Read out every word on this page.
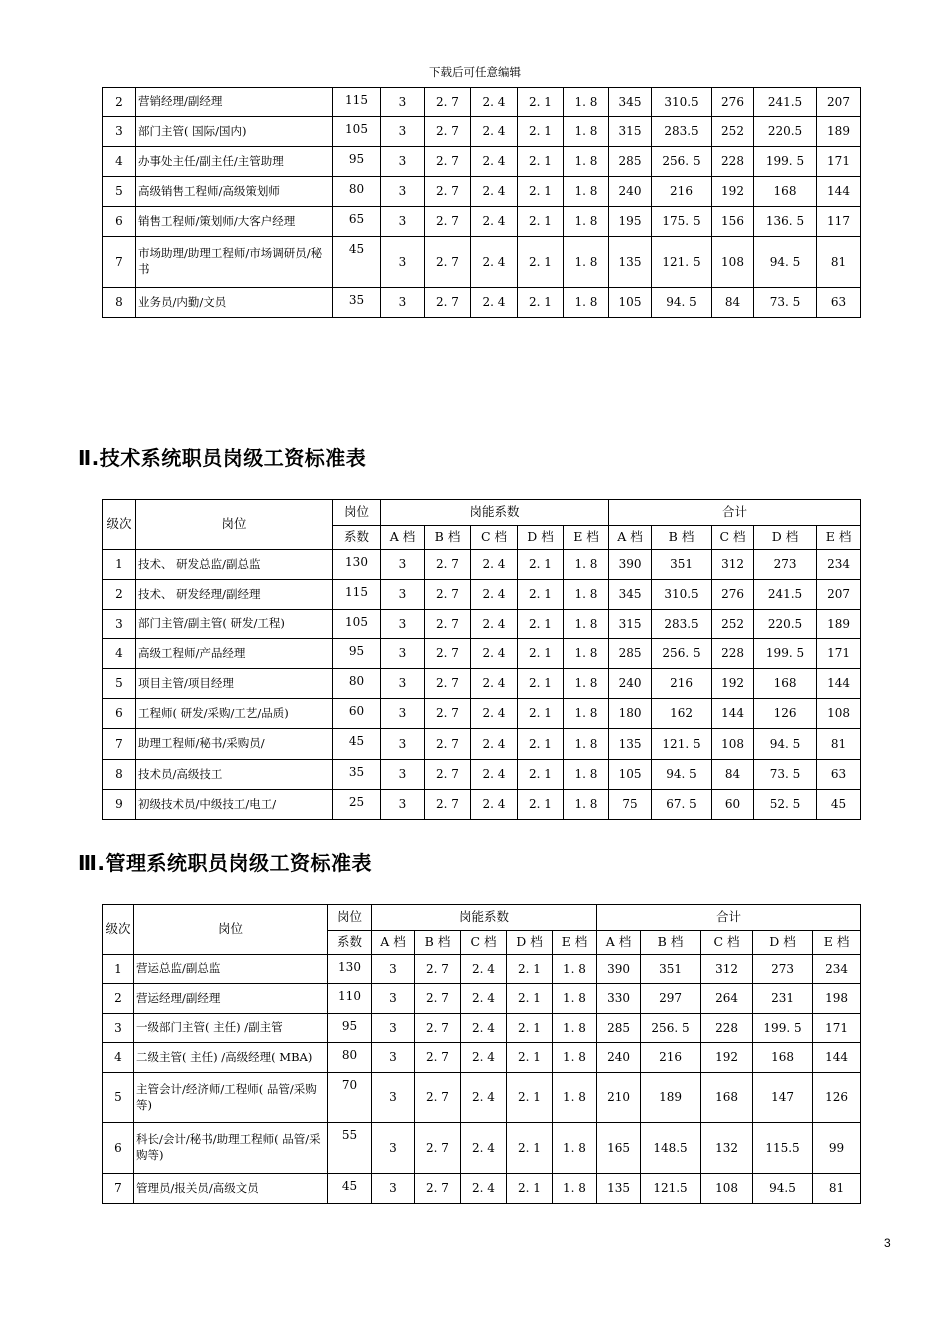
下载后可任意编辑
2	营销经理/副经理	115	3	2. 7	2. 4	2. 1	1. 8	345	310.5	276	241.5	207
3	部门主管( 国际/国内)	105	3	2. 7	2. 4	2. 1	1. 8	315	283.5	252	220.5	189
4	办事处主任/副主任/主管助理	95	3	2. 7	2. 4	2. 1	1. 8	285	256. 5	228	199. 5	171
5	高级销售工程师/高级策划师	80	3	2. 7	2. 4	2. 1	1. 8	240	216	192	168	144
6	销售工程师/策划师/大客户经理	65	3	2. 7	2. 4	2. 1	1. 8	195	175. 5	156	136. 5	117
7	市场助理/助理工程师/市场调研员/秘书	45	3	2. 7	2. 4	2. 1	1. 8	135	121. 5	108	94. 5	81
8	业务员/内勤/文员	35	3	2. 7	2. 4	2. 1	1. 8	105	94. 5	84	73. 5	63
Ⅱ.技术系统职员岗级工资标准表
级次	岗位	岗位	岗能系数					合计				
		系数	A 档	B 档	C 档	D 档	E 档	A 档	B 档	C 档	D 档	E 档
1	技术、 研发总监/副总监	130	3	2. 7	2. 4	2. 1	1. 8	390	351	312	273	234
2	技术、 研发经理/副经理	115	3	2. 7	2. 4	2. 1	1. 8	345	310.5	276	241.5	207
3	部门主管/副主管( 研发/工程)	105	3	2. 7	2. 4	2. 1	1. 8	315	283.5	252	220.5	189
4	高级工程师/产品经理	95	3	2. 7	2. 4	2. 1	1. 8	285	256. 5	228	199. 5	171
5	项目主管/项目经理	80	3	2. 7	2. 4	2. 1	1. 8	240	216	192	168	144
6	工程师( 研发/采购/工艺/品质)	60	3	2. 7	2. 4	2. 1	1. 8	180	162	144	126	108
7	助理工程师/秘书/采购员/	45	3	2. 7	2. 4	2. 1	1. 8	135	121. 5	108	94. 5	81
8	技术员/高级技工	35	3	2. 7	2. 4	2. 1	1. 8	105	94. 5	84	73. 5	63
9	初级技术员/中级技工/电工/	25	3	2. 7	2. 4	2. 1	1. 8	75	67. 5	60	52. 5	45
Ⅲ.管理系统职员岗级工资标准表
级次	岗位	岗位	岗能系数					合计				
		系数	A 档	B 档	C 档	D 档	E 档	A 档	B 档	C 档	D 档	E 档
1	营运总监/副总监	130	3	2. 7	2. 4	2. 1	1. 8	390	351	312	273	234
2	营运经理/副经理	110	3	2. 7	2. 4	2. 1	1. 8	330	297	264	231	198
3	一级部门主管( 主任) /副主管	95	3	2. 7	2. 4	2. 1	1. 8	285	256. 5	228	199. 5	171
4	二级主管( 主任) /高级经理( MBA)	80	3	2. 7	2. 4	2. 1	1. 8	240	216	192	168	144
5	主管会计/经济师/工程师( 品管/采购等)	70	3	2. 7	2. 4	2. 1	1. 8	210	189	168	147	126
6	科长/会计/秘书/助理工程师( 品管/采购等)	55	3	2. 7	2. 4	2. 1	1. 8	165	148.5	132	115.5	99
7	管理员/报关员/高级文员	45	3	2. 7	2. 4	2. 1	1. 8	135	121.5	108	94.5	81
3
